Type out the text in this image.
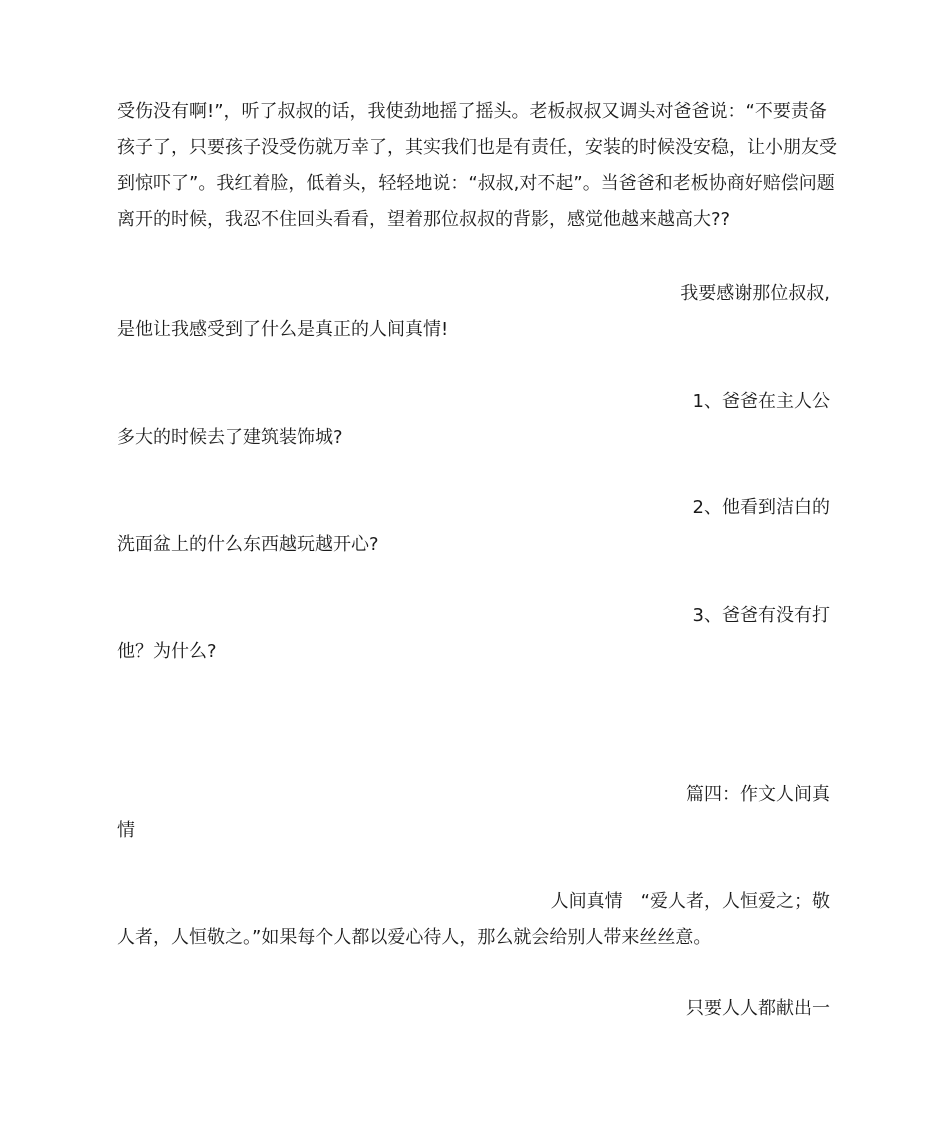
受伤没有啊!”，听了叔叔的话，我使劲地摇了摇头。老板叔叔又调头对爸爸说：“不要责备
孩子了，只要孩子没受伤就万幸了，其实我们也是有责任，安装的时候没安稳，让小朋友受
到惊吓了”。我红着脸，低着头，轻轻地说：“叔叔,对不起”。当爸爸和老板协商好赔偿问题
离开的时候，我忍不住回头看看，望着那位叔叔的背影，感觉他越来越高大??
我要感谢那位叔叔,
是他让我感受到了什么是真正的人间真情!
1、爸爸在主人公
多大的时候去了建筑装饰城?
2、他看到洁白的
洗面盆上的什么东西越玩越开心?
3、爸爸有没有打
他？为什么?
篇四：作文人间真
情
人间真情　“爱人者，人恒爱之；敬
人者，人恒敬之。”如果每个人都以爱心待人，那么就会给别人带来丝丝意。
只要人人都献出一
